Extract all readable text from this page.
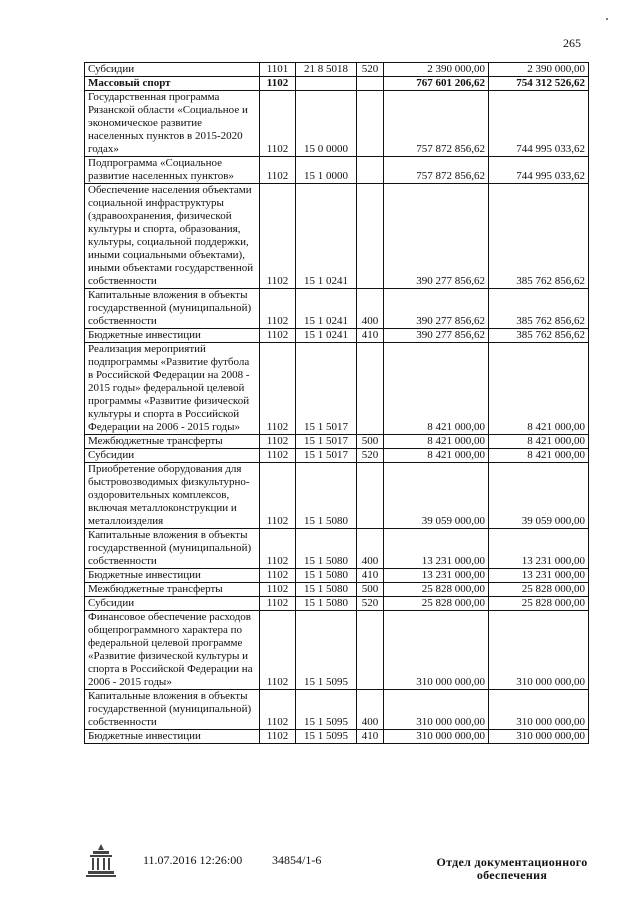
265
Субсидии	1101	21 8 5018	520	2 390 000,00	2 390 000,00
Массовый спорт	1102			767 601 206,62	754 312 526,62
Государственная программа Рязанской области «Социальное и экономическое развитие населенных пунктов в 2015-2020 годах»	1102	15 0 0000		757 872 856,62	744 995 033,62
Подпрограмма «Социальное развитие населенных пунктов»	1102	15 1 0000		757 872 856,62	744 995 033,62
Обеспечение населения объектами социальной инфраструктуры (здравоохранения, физической культуры и спорта, образования, культуры, социальной поддержки, иными социальными объектами), иными объектами государственной собственности	1102	15 1 0241		390 277 856,62	385 762 856,62
Капитальные вложения в объекты государственной (муниципальной) собственности	1102	15 1 0241	400	390 277 856,62	385 762 856,62
Бюджетные инвестиции	1102	15 1 0241	410	390 277 856,62	385 762 856,62
Реализация мероприятий подпрограммы «Развитие футбола в Российской Федерации на 2008 - 2015 годы» федеральной целевой программы «Развитие физической культуры и спорта в Российской Федерации на 2006 - 2015 годы»	1102	15 1 5017		8 421 000,00	8 421 000,00
Межбюджетные трансферты	1102	15 1 5017	500	8 421 000,00	8 421 000,00
Субсидии	1102	15 1 5017	520	8 421 000,00	8 421 000,00
Приобретение оборудования для быстровозводимых физкультурно-оздоровительных комплексов, включая металлоконструкции и металлоизделия	1102	15 1 5080		39 059 000,00	39 059 000,00
Капитальные вложения в объекты государственной (муниципальной) собственности	1102	15 1 5080	400	13 231 000,00	13 231 000,00
Бюджетные инвестиции	1102	15 1 5080	410	13 231 000,00	13 231 000,00
Межбюджетные трансферты	1102	15 1 5080	500	25 828 000,00	25 828 000,00
Субсидии	1102	15 1 5080	520	25 828 000,00	25 828 000,00
Финансовое обеспечение расходов общепрограммного характера по федеральной целевой программе «Развитие физической культуры и спорта в Российской Федерации на 2006 - 2015 годы»	1102	15 1 5095		310 000 000,00	310 000 000,00
Капитальные вложения в объекты государственной (муниципальной) собственности	1102	15 1 5095	400	310 000 000,00	310 000 000,00
Бюджетные инвестиции	1102	15 1 5095	410	310 000 000,00	310 000 000,00
11.07.2016 12:26:00 34854/1-6	Отдел документационного
обеспечения
